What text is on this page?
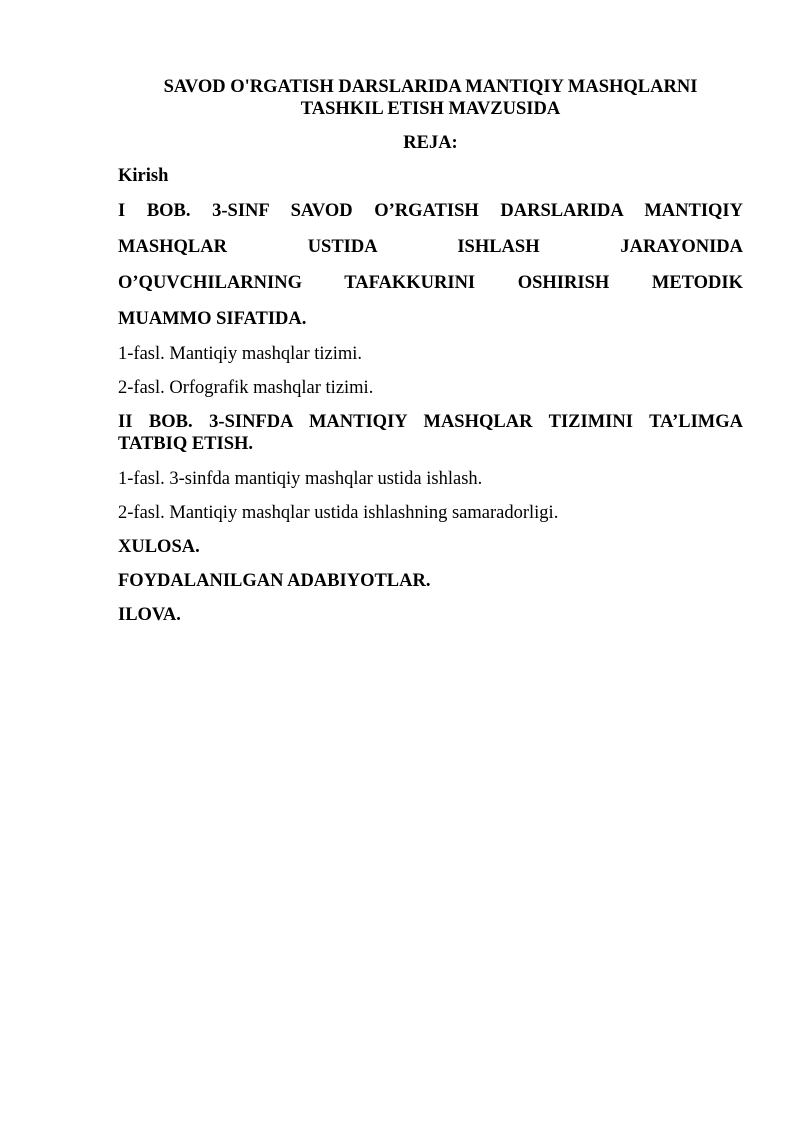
SAVOD O'RGATISH DARSLARIDA MANTIQIY MASHQLARNI

TASHKIL ETISH MAVZUSIDA

REJA:

Kirish

I BOB. 3-SINF SAVOD O’RGATISH DARSLARIDA MANTIQIY

MASHQLAR USTIDA ISHLASH JARAYONIDA

O’QUVCHILARNING TAFAKKURINI OSHIRISH METODIK

MUAMMO SIFATIDA.

1-fasl. Mantiqiy mashqlar tizimi.

2-fasl. Orfografik mashqlar tizimi.

II BOB. 3-SINFDA MANTIQIY MASHQLAR TIZIMINI TA’LIMGA

TATBIQ ETISH.

1-fasl. 3-sinfda mantiqiy mashqlar ustida ishlash.

2-fasl. Mantiqiy mashqlar ustida ishlashning samaradorligi.

XULOSA.

FOYDALANILGAN ADABIYOTLAR.

ILOVA.
